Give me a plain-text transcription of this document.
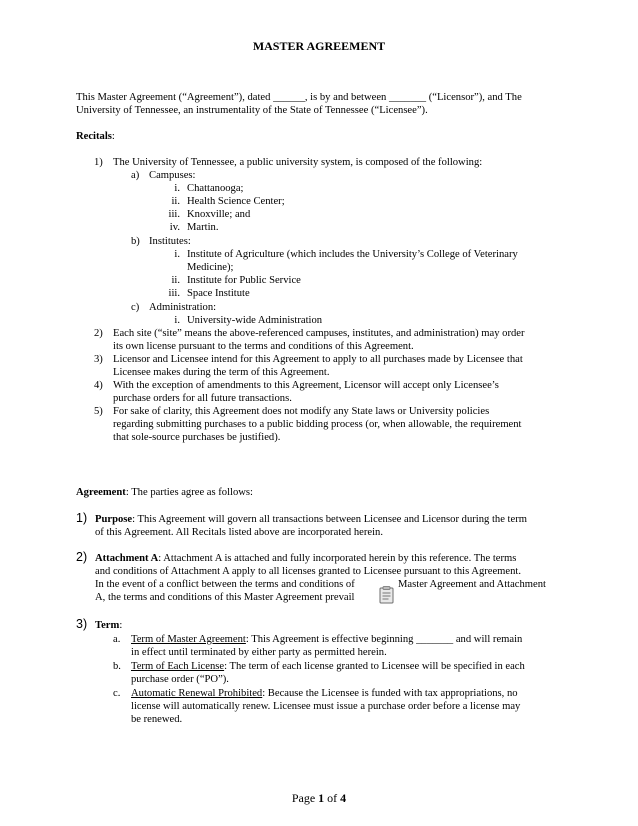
MASTER AGREEMENT
This Master Agreement (“Agreement”), dated ______, is by and between _______ (“Licensor”), and The
University of Tennessee, an instrumentality of the State of Tennessee (“Licensee”).
Recitals:
1) The University of Tennessee, a public university system, is composed of the following:
a) Campuses:
i. Chattanooga;
ii. Health Science Center;
iii. Knoxville; and
iv. Martin.
b) Institutes:
i. Institute of Agriculture (which includes the University’s College of Veterinary
Medicine);
ii. Institute for Public Service
iii. Space Institute
c) Administration:
i. University-wide Administration
2) Each site (“site” means the above-referenced campuses, institutes, and administration) may order
its own license pursuant to the terms and conditions of this Agreement.
3) Licensor and Licensee intend for this Agreement to apply to all purchases made by Licensee that
Licensee makes during the term of this Agreement.
4) With the exception of amendments to this Agreement, Licensor will accept only Licensee’s
purchase orders for all future transactions.
5) For sake of clarity, this Agreement does not modify any State laws or University policies
regarding submitting purchases to a public bidding process (or, when allowable, the requirement
that sole-source purchases be justified).
Agreement: The parties agree as follows:
1) Purpose: This Agreement will govern all transactions between Licensee and Licensor during the term
of this Agreement. All Recitals listed above are incorporated herein.
2) Attachment A: Attachment A is attached and fully incorporated herein by this reference. The terms
and conditions of Attachment A apply to all licenses granted to Licensee pursuant to this Agreement.
In the event of a conflict between the terms and conditions of	Master Agreement and Attachment
A, the terms and conditions of this Master Agreement prevail
3) Term:
a. Term of Master Agreement: This Agreement is effective beginning _______ and will remain
in effect until terminated by either party as permitted herein.
b. Term of Each License: The term of each license granted to Licensee will be specified in each
purchase order (“PO”).
c. Automatic Renewal Prohibited: Because the Licensee is funded with tax appropriations, no
license will automatically renew. Licensee must issue a purchase order before a license may
be renewed.
Page 1 of 4
